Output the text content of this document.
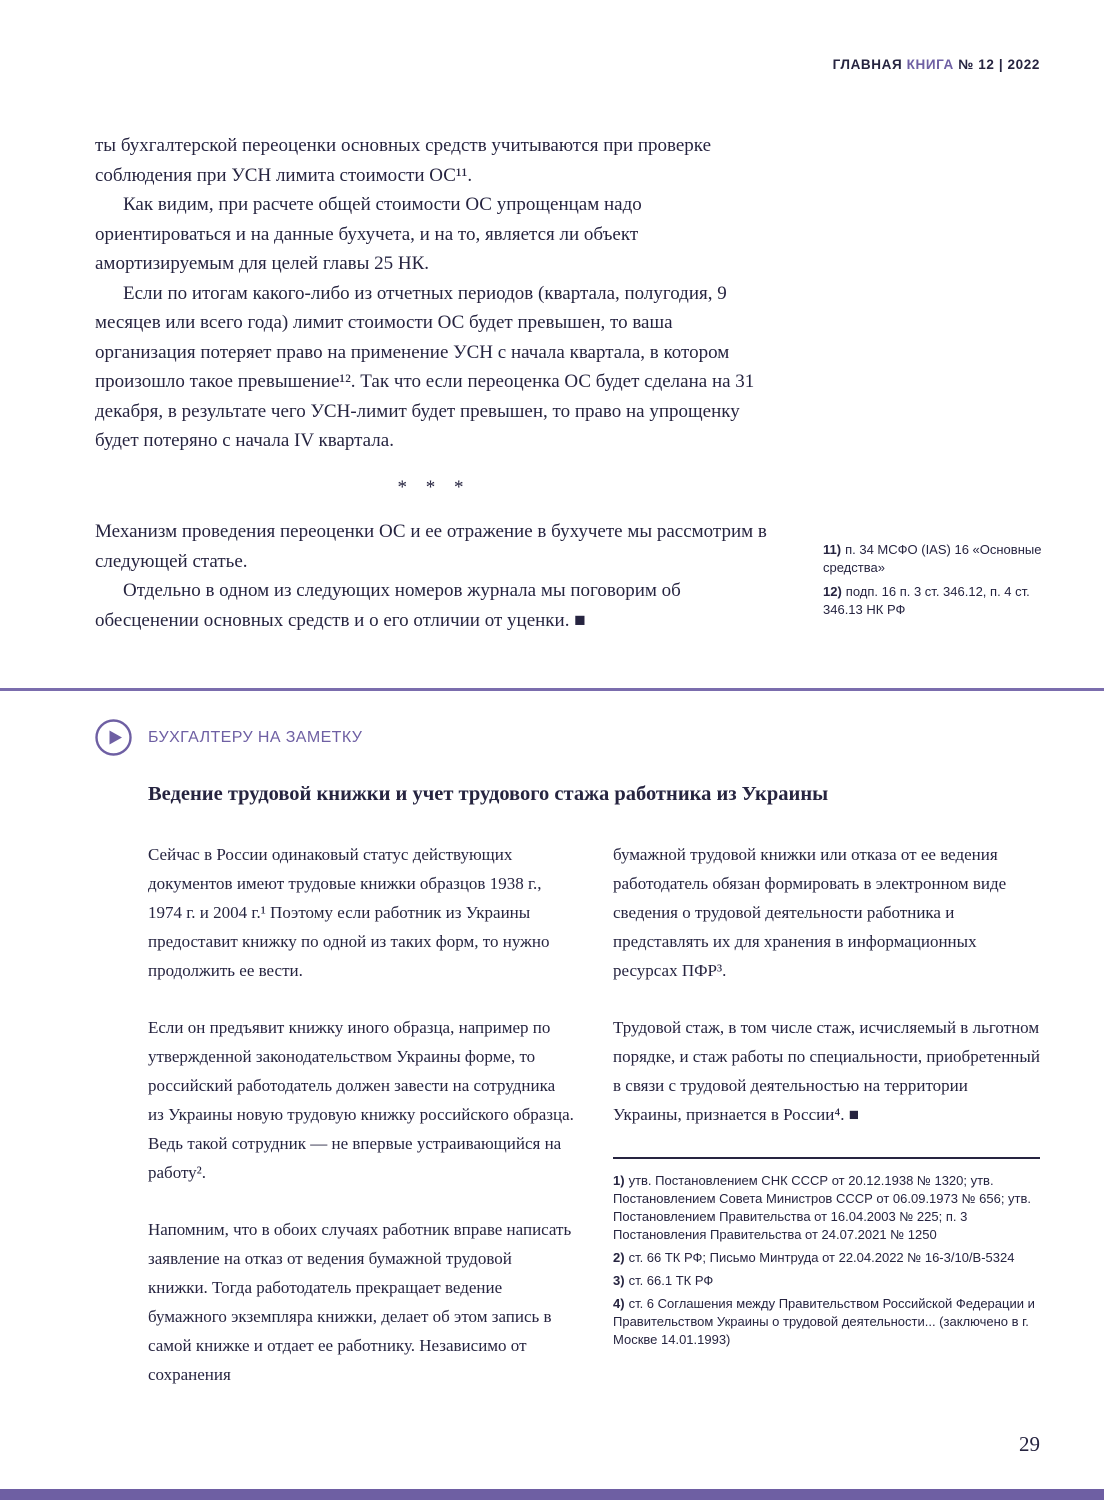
ГЛАВНАЯ КНИГА № 12 | 2022

ты бухгалтерской переоценки основных средств учитываются при проверке соблюдения при УСН лимита стоимости ОС¹¹.

Как видим, при расчете общей стоимости ОС упрощенцам надо ориентироваться и на данные бухучета, и на то, является ли объект амортизируемым для целей главы 25 НК.

Если по итогам какого-либо из отчетных периодов (квартала, полугодия, 9 месяцев или всего года) лимит стоимости ОС будет превышен, то ваша организация потеряет право на применение УСН с начала квартала, в котором произошло такое превышение¹². Так что если переоценка ОС будет сделана на 31 декабря, в результате чего УСН-лимит будет превышен, то право на упрощенку будет потеряно с начала IV квартала.

* * *

Механизм проведения переоценки ОС и ее отражение в бухучете мы рассмотрим в следующей статье.

Отдельно в одном из следующих номеров журнала мы поговорим об обесценении основных средств и о его отличии от уценки. ■

11) п. 34 МСФО (IAS) 16 «Основные средства»
12) подп. 16 п. 3 ст. 346.12, п. 4 ст. 346.13 НК РФ
БУХГАЛТЕРУ НА ЗАМЕТКУ
Ведение трудовой книжки и учет трудового стажа работника из Украины

Сейчас в России одинаковый статус действующих документов имеют трудовые книжки образцов 1938 г., 1974 г. и 2004 г.¹ Поэтому если работник из Украины предоставит книжку по одной из таких форм, то нужно продолжить ее вести.

Если он предъявит книжку иного образца, например по утвержденной законодательством Украины форме, то российский работодатель должен завести на сотрудника из Украины новую трудовую книжку российского образца. Ведь такой сотрудник — не впервые устраивающийся на работу².

Напомним, что в обоих случаях работник вправе написать заявление на отказ от ведения бумажной трудовой книжки. Тогда работодатель прекращает ведение бумажного экземпляра книжки, делает об этом запись в самой книжке и отдает ее работнику. Независимо от сохранения

бумажной трудовой книжки или отказа от ее ведения работодатель обязан формировать в электронном виде сведения о трудовой деятельности работника и представлять их для хранения в информационных ресурсах ПФР³.

Трудовой стаж, в том числе стаж, исчисляемый в льготном порядке, и стаж работы по специальности, приобретенный в связи с трудовой деятельностью на территории Украины, признается в России⁴. ■

1) утв. Постановлением СНК СССР от 20.12.1938 № 1320; утв. Постановлением Совета Министров СССР от 06.09.1973 № 656; утв. Постановлением Правительства от 16.04.2003 № 225; п. 3 Постановления Правительства от 24.07.2021 № 1250
2) ст. 66 ТК РФ; Письмо Минтруда от 22.04.2022 № 16-3/10/В-5324
3) ст. 66.1 ТК РФ
4) ст. 6 Соглашения между Правительством Российской Федерации и Правительством Украины о трудовой деятельности... (заключено в г. Москве 14.01.1993)
29
